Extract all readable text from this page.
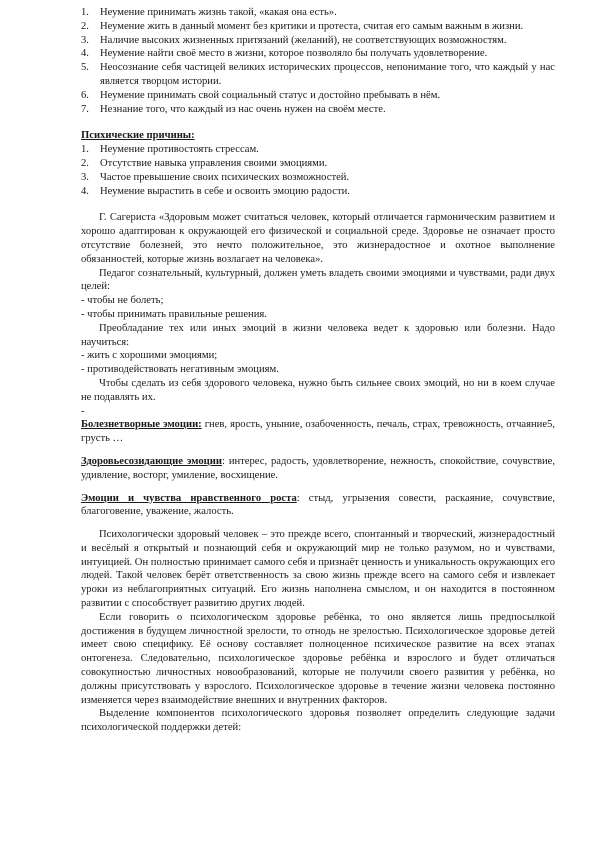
1. Неумение принимать жизнь такой, «какая она есть».
2. Неумение жить в данный момент без критики и протеста, считая его самым важным в жизни.
3. Наличие высоких жизненных притязаний (желаний), не соответствующих возможностям.
4. Неумение найти своё место в жизни, которое позволяло бы получать удовлетворение.
5. Неосознание себя частицей великих исторических процессов, непонимание того, что каждый у нас является творцом истории.
6. Неумение принимать свой социальный статус и достойно пребывать в нём.
7. Незнание того, что каждый из нас очень нужен на своём месте.
Психические причины:
1. Неумение противостоять стрессам.
2. Отсутствие навыка управления своими эмоциями.
3. Частое превышение своих психических возможностей.
4. Неумение вырастить в себе и освоить эмоцию радости.

Г. Сагериста «Здоровым может считаться человек, который отличается гармоническим развитием и хорошо адаптирован к окружающей его физической и социальной среде. Здоровье не означает просто отсутствие болезней, это нечто положительное, это жизнерадостное и охотное выполнение обязанностей, которые жизнь возлагает на человека».

Педагог сознательный, культурный, должен уметь владеть своими эмоциями и чувствами, ради двух целей:

- чтобы не болеть;

- чтобы принимать правильные решения.

Преобладание тех или иных эмоций в жизни человека ведет к здоровью или болезни. Надо научиться:

- жить с хорошими эмоциями;

- противодействовать негативным эмоциям.

Чтобы сделать из себя здорового человека, нужно быть сильнее своих эмоций, но ни в коем случае не подавлять их.

-

Болезнетворные эмоции: гнев, ярость, уныние, озабоченность, печаль, страх, тревожность, отчаяние5, грусть …

Здоровьесозидающие эмоции: интерес, радость, удовлетворение, нежность, спокойствие, сочувствие, удивление, восторг, умиление, восхищение.

Эмоции и чувства нравственного роста: стыд, угрызения совести, раскаяние, сочувствие, благоговение, уважение, жалость.

Психологически здоровый человек – это прежде всего, спонтанный и творческий, жизнерадостный и весёлый я открытый и познающий себя и окружающий мир не только разумом, но и чувствами, интуицией. Он полностью принимает самого себя и признаёт ценность и уникальность окружающих его людей. Такой человек берёт ответственность за свою жизнь прежде всего на самого себя и извлекает уроки из неблагоприятных ситуаций. Его жизнь наполнена смыслом, и он находится в постоянном развитии с способствует развитию других людей.

Если говорить о психологическом здоровье ребёнка, то оно является лишь предпосылкой достижения в будущем личностной зрелости, то отнодь не зрелостью. Психологическое здоровье детей имеет свою специфику. Её основу составляет полноценное психическое развитие на всех этапах онтогенеза. Следовательно, психологическое здоровье ребёнка и взрослого и будет отличаться совокупностью личностных новообразований, которые не получили своего развития у ребёнка, но должны присутствовать у взрослого. Психологическое здоровье в течение жизни человека постоянно изменяется через взаимодействие внешних и внутренних факторов.

Выделение компонентов психологического здоровья позволяет определить следующие задачи психологической поддержки детей:
